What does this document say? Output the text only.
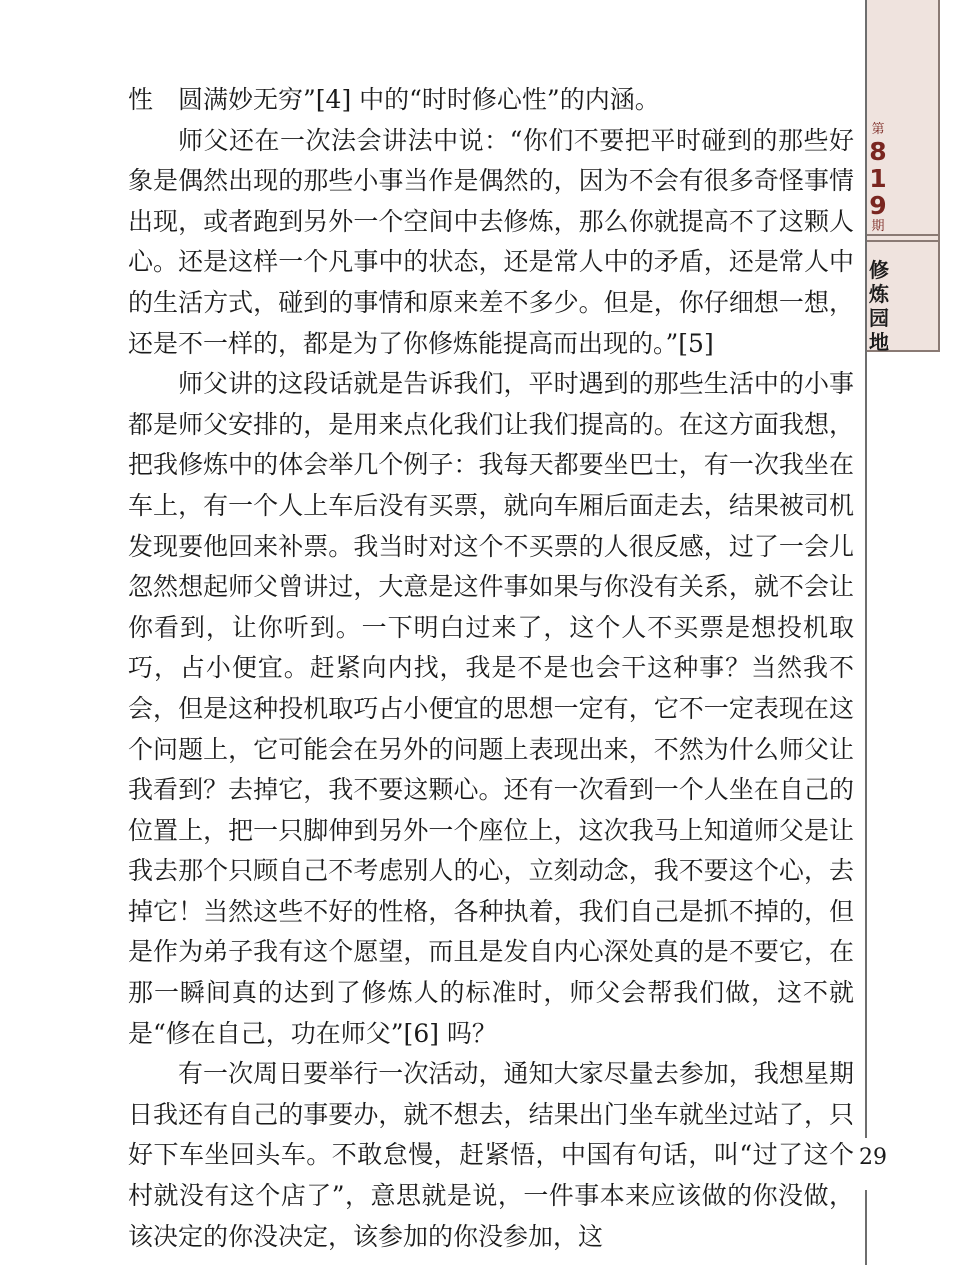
性　圆满妙无穷”[4] 中的“时时修心性”的内涵。

师父还在一次法会讲法中说：“你们不要把平时碰到的那些好象是偶然出现的那些小事当作是偶然的，因为不会有很多奇怪事情出现，或者跑到另外一个空间中去修炼，那么你就提高不了这颗人心。还是这样一个凡事中的状态，还是常人中的矛盾，还是常人中的生活方式，碰到的事情和原来差不多少。但是，你仔细想一想，还是不一样的，都是为了你修炼能提高而出现的。”[5]

师父讲的这段话就是告诉我们，平时遇到的那些生活中的小事都是师父安排的，是用来点化我们让我们提高的。在这方面我想，把我修炼中的体会举几个例子：我每天都要坐巴士，有一次我坐在车上，有一个人上车后没有买票，就向车厢后面走去，结果被司机发现要他回来补票。我当时对这个不买票的人很反感，过了一会儿忽然想起师父曾讲过，大意是这件事如果与你没有关系，就不会让你看到，让你听到。一下明白过来了，这个人不买票是想投机取巧，占小便宜。赶紧向内找，我是不是也会干这种事？当然我不会，但是这种投机取巧占小便宜的思想一定有，它不一定表现在这个问题上，它可能会在另外的问题上表现出来，不然为什么师父让我看到？去掉它，我不要这颗心。还有一次看到一个人坐在自己的位置上，把一只脚伸到另外一个座位上，这次我马上知道师父是让我去那个只顾自己不考虑别人的心，立刻动念，我不要这个心，去掉它！当然这些不好的性格，各种执着，我们自己是抓不掉的，但是作为弟子我有这个愿望，而且是发自内心深处真的是不要它，在那一瞬间真的达到了修炼人的标准时，师父会帮我们做，这不就是“修在自己，功在师父”[6] 吗？

有一次周日要举行一次活动，通知大家尽量去参加，我想星期日我还有自己的事要办，就不想去，结果出门坐车就坐过站了，只好下车坐回头车。不敢怠慢，赶紧悟，中国有句话，叫“过了这个村就没有这个店了”，意思就是说，一件事本来应该做的你没做，该决定的你没决定，该参加的你没参加，这

第
8
1
9
期
修
炼
园
地
29
